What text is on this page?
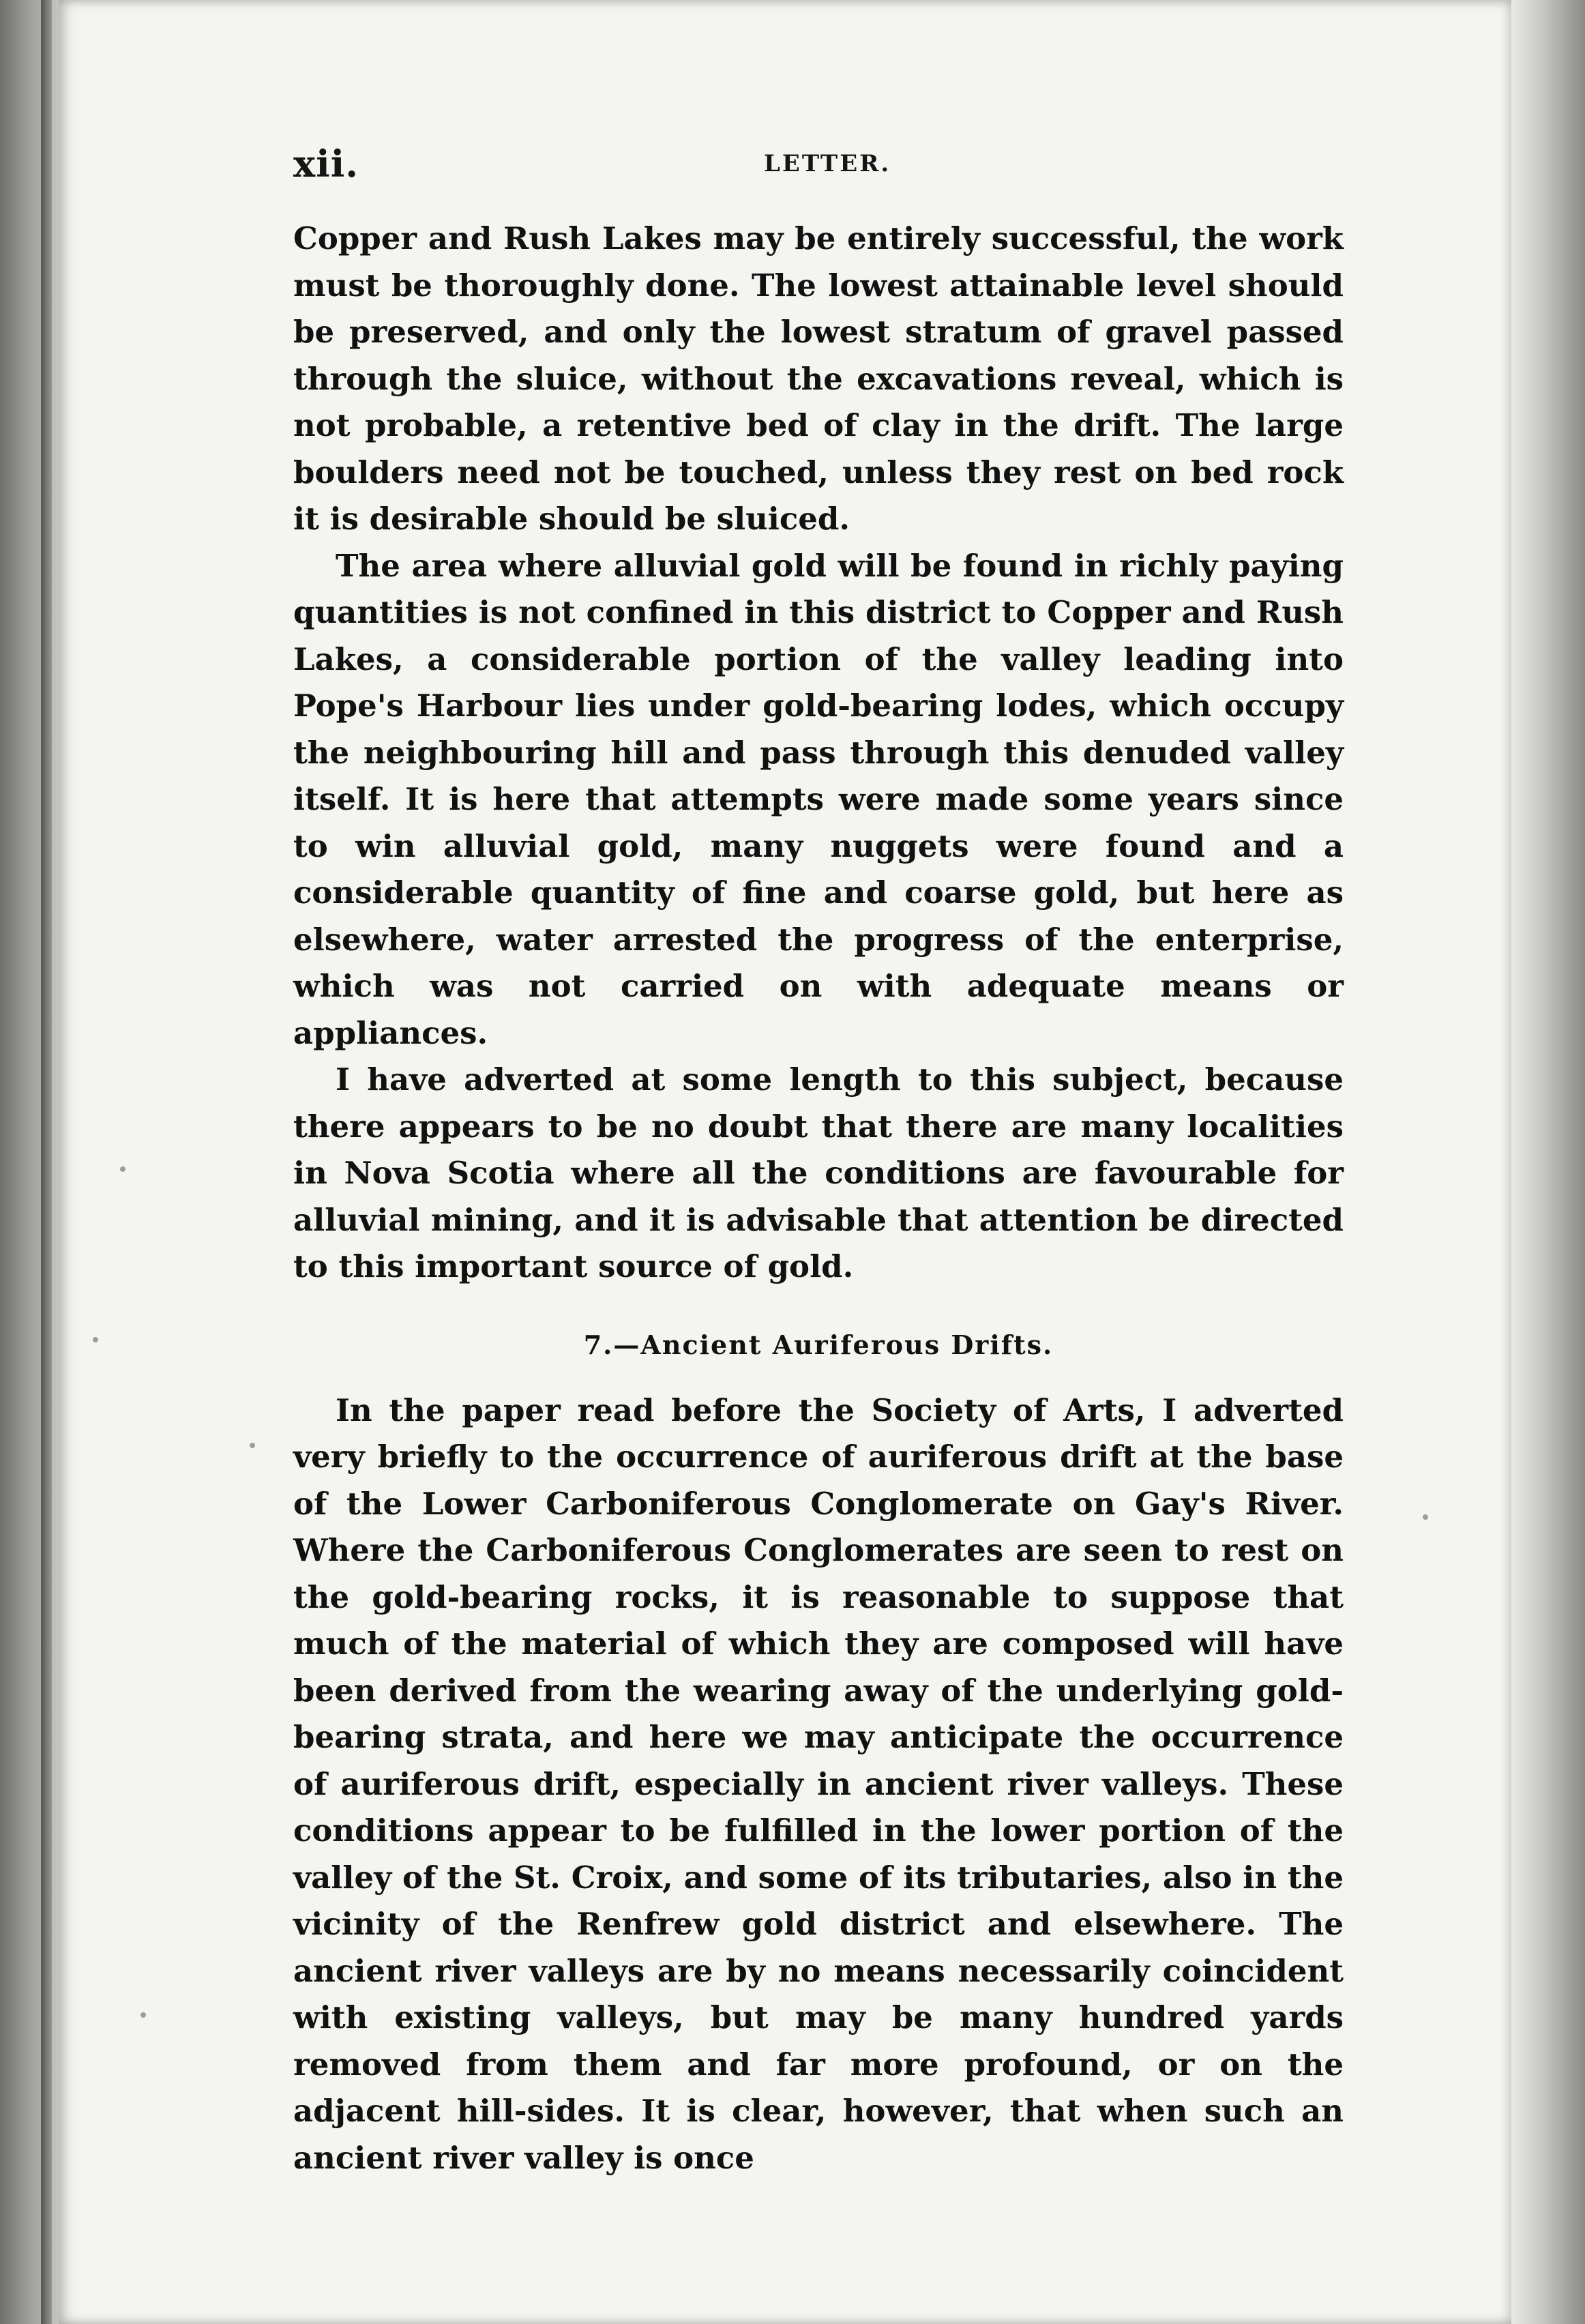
xii.	LETTER.

Copper and Rush Lakes may be entirely successful, the work must be thoroughly done. The lowest attainable level should be preserved, and only the lowest stratum of gravel passed through the sluice, without the excavations reveal, which is not probable, a retentive bed of clay in the drift. The large boulders need not be touched, unless they rest on bed rock it is desirable should be sluiced.

The area where alluvial gold will be found in richly paying quantities is not confined in this district to Copper and Rush Lakes, a considerable portion of the valley leading into Pope's Harbour lies under gold-bearing lodes, which occupy the neighbouring hill and pass through this denuded valley itself. It is here that attempts were made some years since to win alluvial gold, many nuggets were found and a considerable quantity of fine and coarse gold, but here as elsewhere, water arrested the progress of the enterprise, which was not carried on with adequate means or appliances.

I have adverted at some length to this subject, because there appears to be no doubt that there are many localities in Nova Scotia where all the conditions are favourable for alluvial mining, and it is advisable that attention be directed to this important source of gold.

7.—Ancient Auriferous Drifts.

In the paper read before the Society of Arts, I adverted very briefly to the occurrence of auriferous drift at the base of the Lower Carboniferous Conglomerate on Gay's River. Where the Carboniferous Conglomerates are seen to rest on the gold-bearing rocks, it is reasonable to suppose that much of the material of which they are composed will have been derived from the wearing away of the underlying gold-bearing strata, and here we may anticipate the occurrence of auriferous drift, especially in ancient river valleys. These conditions appear to be fulfilled in the lower portion of the valley of the St. Croix, and some of its tributaries, also in the vicinity of the Renfrew gold district and elsewhere. The ancient river valleys are by no means necessarily coincident with existing valleys, but may be many hundred yards removed from them and far more profound, or on the adjacent hill-sides. It is clear, however, that when such an ancient river valley is once
